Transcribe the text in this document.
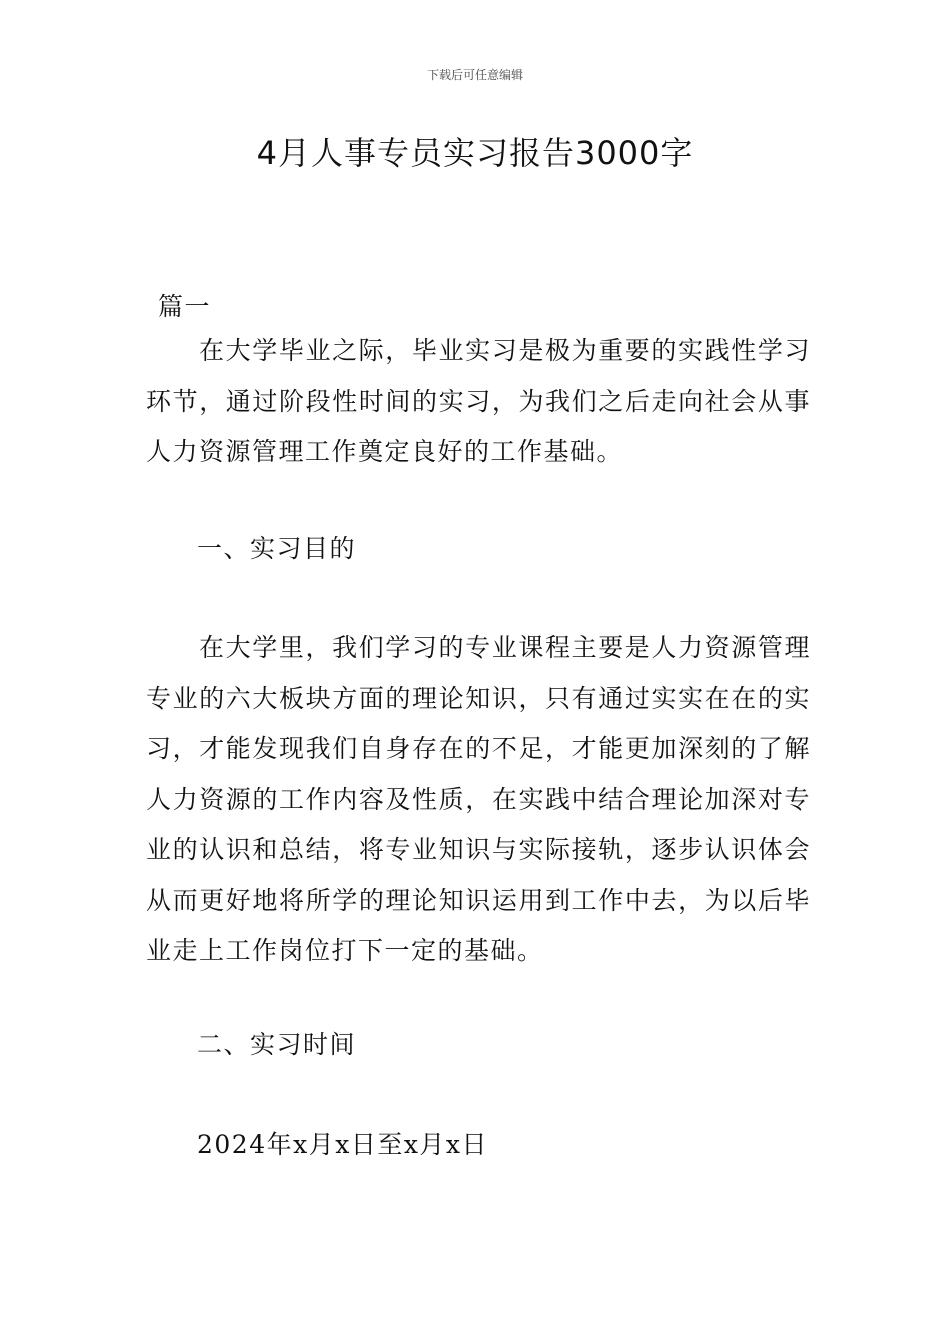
下载后可任意编辑
4月人事专员实习报告3000字
篇一
在大学毕业之际，毕业实习是极为重要的实践性学习环节，通过阶段性时间的实习，为我们之后走向社会从事人力资源管理工作奠定良好的工作基础。
一、实习目的
在大学里，我们学习的专业课程主要是人力资源管理专业的六大板块方面的理论知识，只有通过实实在在的实习，才能发现我们自身存在的不足，才能更加深刻的了解人力资源的工作内容及性质，在实践中结合理论加深对专业的认识和总结，将专业知识与实际接轨，逐步认识体会从而更好地将所学的理论知识运用到工作中去，为以后毕业走上工作岗位打下一定的基础。
二、实习时间
2024年x月x日至x月x日
